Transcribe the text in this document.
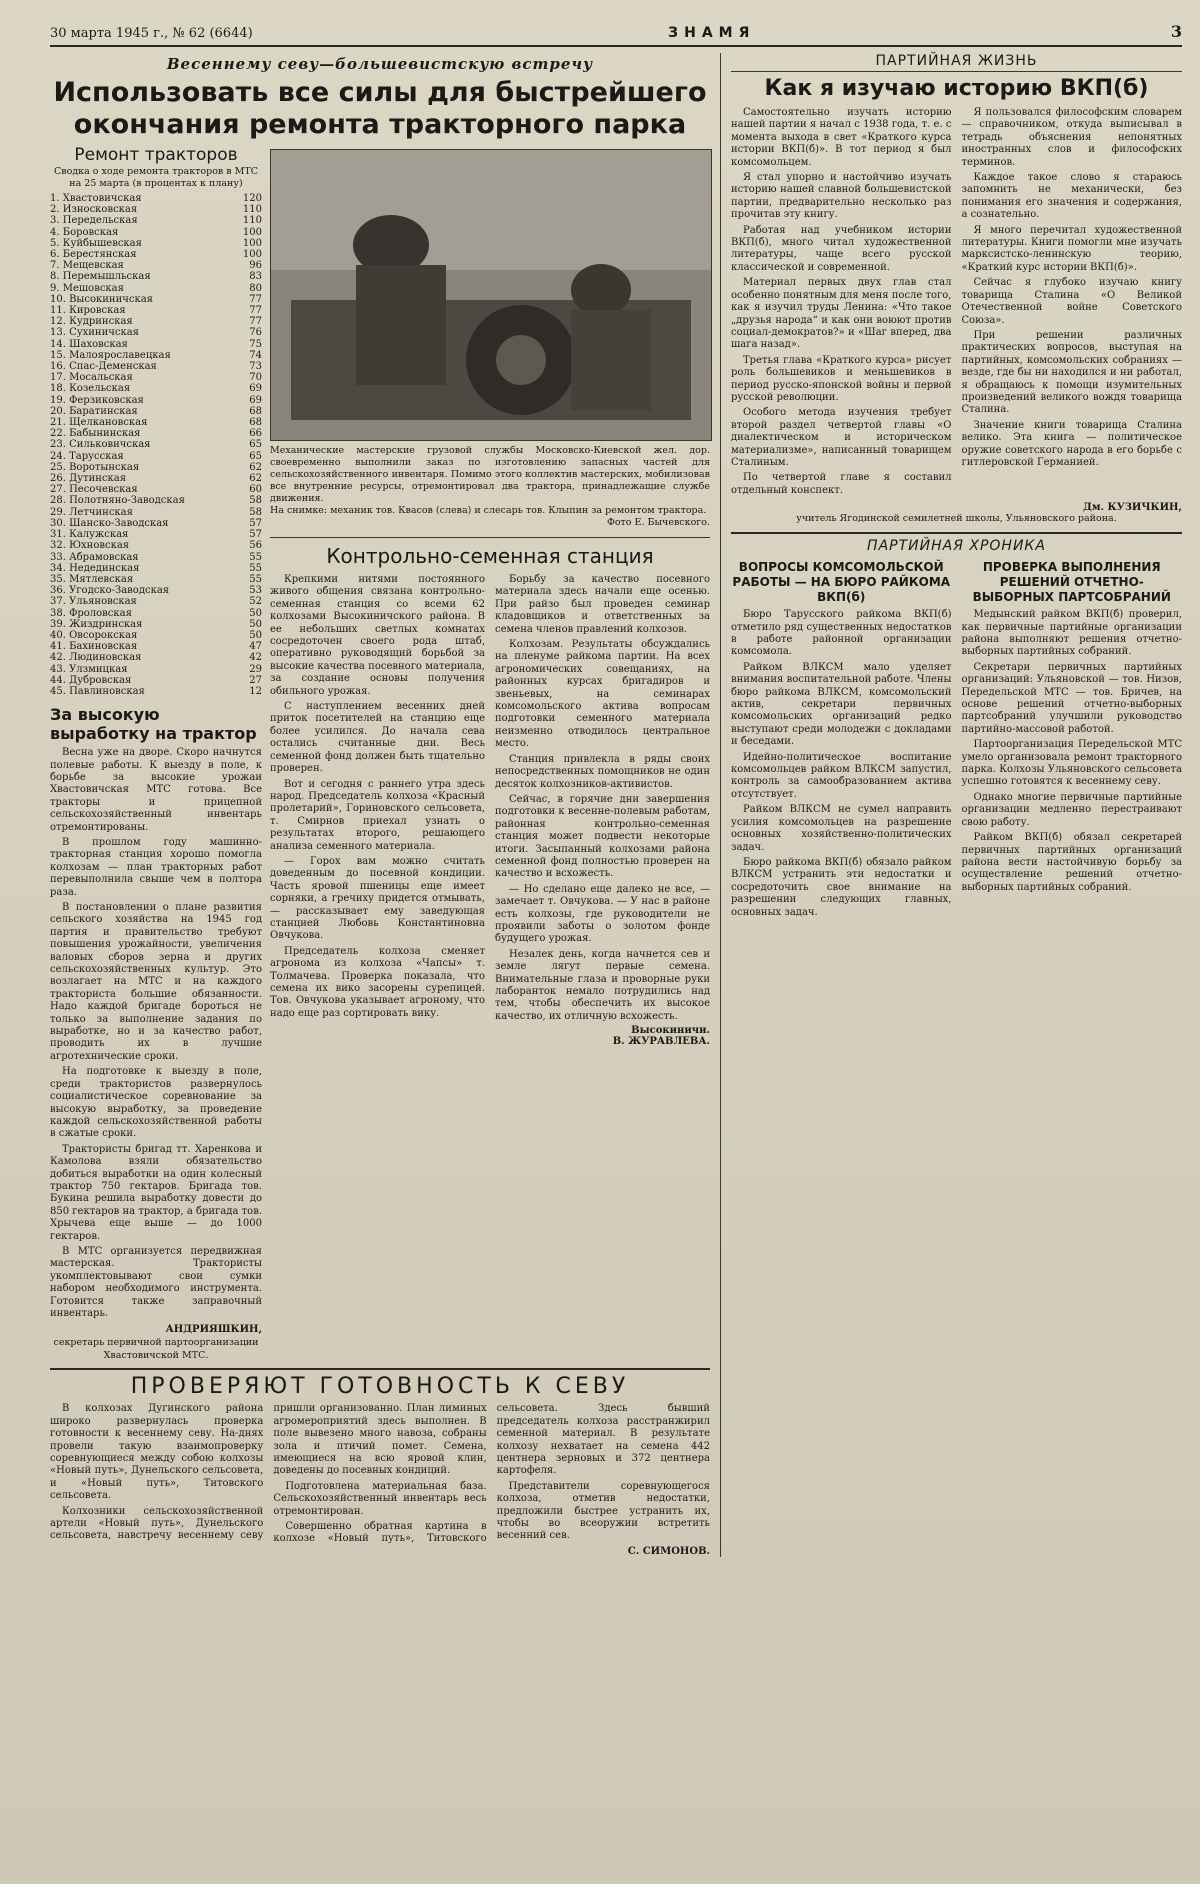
30 марта 1945 г., № 62 (6644)	ЗНАМЯ	3
Весеннему севу—большевистскую встречу
Использовать все силы для быстрейшего окончания ремонта тракторного парка
Ремонт тракторов
Сводка о ходе ремонта тракторов в МТС на 25 марта (в процентах к плану)
1. Хвастовичская	120
2. Износковская	110
3. Передельская	110
4. Боровская	100
5. Куйбышевская	100
6. Берестянская	100
7. Мещевская	96
8. Перемышльская	83
9. Мешовская	80
10. Высокиничская	77
11. Кировская	77
12. Кудринская	77
13. Сухиничская	76
14. Шаховская	75
15. Малоярославецкая	74
16. Спас-Деменская	73
17. Мосальская	70
18. Козельская	69
19. Ферзиковская	69
20. Баратинская	68
21. Щелкановская	68
22. Бабынинская	66
23. Сильковичская	65
24. Тарусская	65
25. Воротынская	62
26. Дутинская	62
27. Песочевская	60
28. Полотняно-Заводская	58
29. Летчинская	58
30. Шанско-Заводская	57
31. Калужская	57
32. Юхновская	56
33. Абрамовская	55
34. Недединская	55
35. Мятлевская	55
36. Угодско-Заводская	53
37. Ульяновская	52
38. Фроловская	50
39. Жиздринская	50
40. Овсорокская	50
41. Бахиновская	47
42. Людиновская	42
43. Улзмицкая	29
44. Дубровская	27
45. Павлиновская	12
За высокую выработку на трактор

Весна уже на дворе. Скоро начнутся полевые работы. К выезду в поле, к борьбе за высокие урожаи Хвастовичская МТС готова. Все тракторы и прицепной сельскохозяйственный инвентарь отремонтированы.

В прошлом году машинно-тракторная станция хорошо помогла колхозам — план тракторных работ перевыполнила свыше чем в полтора раза.

В постановлении о плане развития сельского хозяйства на 1945 год партия и правительство требуют повышения урожайности, увеличения валовых сборов зерна и других сельскохозяйственных культур. Это возлагает на МТС и на каждого тракториста большие обязанности. Надо каждой бригаде бороться не только за выполнение задания по выработке, но и за качество работ, проводить их в лучшие агротехнические сроки.

На подготовке к выезду в поле, среди трактористов развернулось социалистическое соревнование за высокую выработку, за проведение каждой сельскохозяйственной работы в сжатые сроки.

Трактористы бригад тт. Харенкова и Камолова взяли обязательство добиться выработки на один колесный трактор 750 гектаров. Бригада тов. Букина решила выработку довести до 850 гектаров на трактор, а бригада тов. Хрычева еще выше — до 1000 гектаров.

В МТС организуется передвижная мастерская. Трактористы укомплектовывают свои сумки набором необходимого инструмента. Готовится также заправочный инвентарь.

АНДРИЯШКИН,
секретарь первичной партоорганизации Хвастовичской МТС.
Механические мастерские грузовой службы Московско-Киевской жел. дор. своевременно выполнили заказ по изготовлению запасных частей для сельскохозяйственного инвентаря. Помимо этого коллектив мастерских, мобилизовав все внутренние ресурсы, отремонтировал два трактора, принадлежащие службе движения.
На снимке: механик тов. Квасов (слева) и слесарь тов. Клыпин за ремонтом трактора.
Фото Е. Бычевского.
Контрольно-семенная станция

Крепкими нитями постоянного живого общения связана контрольно-семенная станция со всеми 62 колхозами Высокиничского района. В ее небольших светлых комнатах сосредоточен своего рода штаб, оперативно руководящий борьбой за высокие качества посевного материала, за создание основы получения обильного урожая.

С наступлением весенних дней приток посетителей на станцию еще более усилился. До начала сева остались считанные дни. Весь семенной фонд должен быть тщательно проверен.

Вот и сегодня с раннего утра здесь народ. Председатель колхоза «Красный пролетарий», Гориновского сельсовета, т. Смирнов приехал узнать о результатах второго, решающего анализа семенного материала.

— Горох вам можно считать доведенным до посевной кондиции. Часть яровой пшеницы еще имеет сорняки, а гречиху придется отмывать, — рассказывает ему заведующая станцией Любовь Константиновна Овчукова.

Председатель колхоза сменяет агронома из колхоза «Чапсы» т. Толмачева. Проверка показала, что семена их вико засорены сурепицей. Тов. Овчукова указывает агроному, что надо еще раз сортировать вику.

Борьбу за качество посевного материала здесь начали еще осенью. При райзо был проведен семинар кладовщиков и ответственных за семена членов правлений колхозов.

Колхозам. Результаты обсуждались на пленуме райкома партии. На всех агрономических совещаниях, на районных курсах бригадиров и звеньевых, на семинарах комсомольского актива вопросам подготовки семенного материала неизменно отводилось центральное место.

Станция привлекла в ряды своих непосредственных помощников не один десяток колхозников-активистов.

Сейчас, в горячие дни завершения подготовки к весенне-полевым работам, районная контрольно-семенная станция может подвести некоторые итоги. Засыпанный колхозами района семенной фонд полностью проверен на качество и всхожесть.

— Но сделано еще далеко не все, — замечает т. Овчукова. — У нас в районе есть колхозы, где руководители не проявили заботы о золотом фонде будущего урожая.

Незалек день, когда начнется сев и земле лягут первые семена. Внимательные глаза и проворные руки лаборанток немало потрудились над тем, чтобы обеспечить их высокое качество, их отличную всхожесть.

Высокиничи.
В. ЖУРАВЛЕВА.
ПРОВЕРЯЮТ ГОТОВНОСТЬ К СЕВУ

В колхозах Дугинского района широко развернулась проверка готовности к весеннему севу. На-днях провели такую взаимопроверку соревнующиеся между собою колхозы «Новый путь», Дунельского сельсовета, и «Новый путь», Титовского сельсовета.

Колхозники сельскохозяйственной артели «Новый путь», Дунельского сельсовета, навстречу весеннему севу пришли организованно. План лиминых агромероприятий здесь выполнен. В поле вывезено много навоза, собраны зола и птичий помет. Семена, имеющиеся на всю яровой клин, доведены до посевных кондиций.

Подготовлена материальная база. Сельскохозяйственный инвентарь весь отремонтирован.

Совершенно обратная картина в колхозе «Новый путь», Титовского сельсовета. Здесь бывший председатель колхоза расстранжирил семенной материал. В результате колхозу нехватает на семена 442 центнера зерновых и 372 центнера картофеля.

Представители соревнующегося колхоза, отметив недостатки, предложили быстрее устранить их, чтобы во всеоружии встретить весенний сев.

С. СИМОНОВ.
ПАРТИЙНАЯ ЖИЗНЬ
Как я изучаю историю ВКП(б)

Самостоятельно изучать историю нашей партии я начал с 1938 года, т. е. с момента выхода в свет «Краткого курса истории ВКП(б)». В тот период я был комсомольцем.

Я стал упорно и настойчиво изучать историю нашей славной большевистской партии, предварительно несколько раз прочитав эту книгу.

Работая над учебником истории ВКП(б), много читал художественной литературы, чаще всего русской классической и современной.

Материал первых двух глав стал особенно понятным для меня после того, как я изучил труды Ленина: «Что такое „друзья народа“ и как они воюют против социал-демократов?» и «Шаг вперед, два шага назад».

Третья глава «Краткого курса» рисует роль большевиков и меньшевиков в период русско-японской войны и первой русской революции.

Особого метода изучения требует второй раздел четвертой главы «О диалектическом и историческом материализме», написанный товарищем Сталиным.

По четвертой главе я составил отдельный конспект.

Я пользовался философским словарем — справочником, откуда выписывал в тетрадь объяснения непонятных иностранных слов и философских терминов.

Каждое такое слово я стараюсь запомнить не механически, без понимания его значения и содержания, а сознательно.

Я много перечитал художественной литературы. Книги помогли мне изучать марксистско-ленинскую теорию, «Краткий курс истории ВКП(б)».

Сейчас я глубоко изучаю книгу товарища Сталина «О Великой Отечественной войне Советского Союза».

При решении различных практических вопросов, выступая на партийных, комсомольских собраниях — везде, где бы ни находился и ни работал, я обращаюсь к помощи изумительных произведений великого вождя товарища Сталина.

Значение книги товарища Сталина велико. Эта книга — политическое оружие советского народа в его борьбе с гитлеровской Германией.

Дм. КУЗИЧКИН,
учитель Ягодинской семилетней школы, Ульяновского района.
ПАРТИЙНАЯ ХРОНИКА
ВОПРОСЫ КОМСОМОЛЬСКОЙ РАБОТЫ — НА БЮРО РАЙКОМА ВКП(б)

Бюро Тарусского райкома ВКП(б) отметило ряд существенных недостатков в работе районной организации комсомола.

Райком ВЛКСМ мало уделяет внимания воспитательной работе. Члены бюро райкома ВЛКСМ, комсомольский актив, секретари первичных комсомольских организаций редко выступают среди молодежи с докладами и беседами.

Идейно-политическое воспитание комсомольцев райком ВЛКСМ запустил, контроль за самообразованием актива отсутствует.

Райком ВЛКСМ не сумел направить усилия комсомольцев на разрешение основных хозяйственно-политических задач.

Бюро райкома ВКП(б) обязало райком ВЛКСМ устранить эти недостатки и сосредоточить свое внимание на разрешении следующих главных, основных задач.

ПРОВЕРКА ВЫПОЛНЕНИЯ РЕШЕНИЙ ОТЧЕТНО-ВЫБОРНЫХ ПАРТСОБРАНИЙ

Медынский райком ВКП(б) проверил, как первичные партийные организации района выполняют решения отчетно-выборных партийных собраний.

Секретари первичных партийных организаций: Ульяновской — тов. Низов, Передельской МТС — тов. Бричев, на основе решений отчетно-выборных партсобраний улучшили руководство партийно-массовой работой.

Партоорганизация Передельской МТС умело организовала ремонт тракторного парка. Колхозы Ульяновского сельсовета успешно готовятся к весеннему севу.

Однако многие первичные партийные организации медленно перестраивают свою работу.

Райком ВКП(б) обязал секретарей первичных партийных организаций района вести настойчивую борьбу за осуществление решений отчетно-выборных партийных собраний.
